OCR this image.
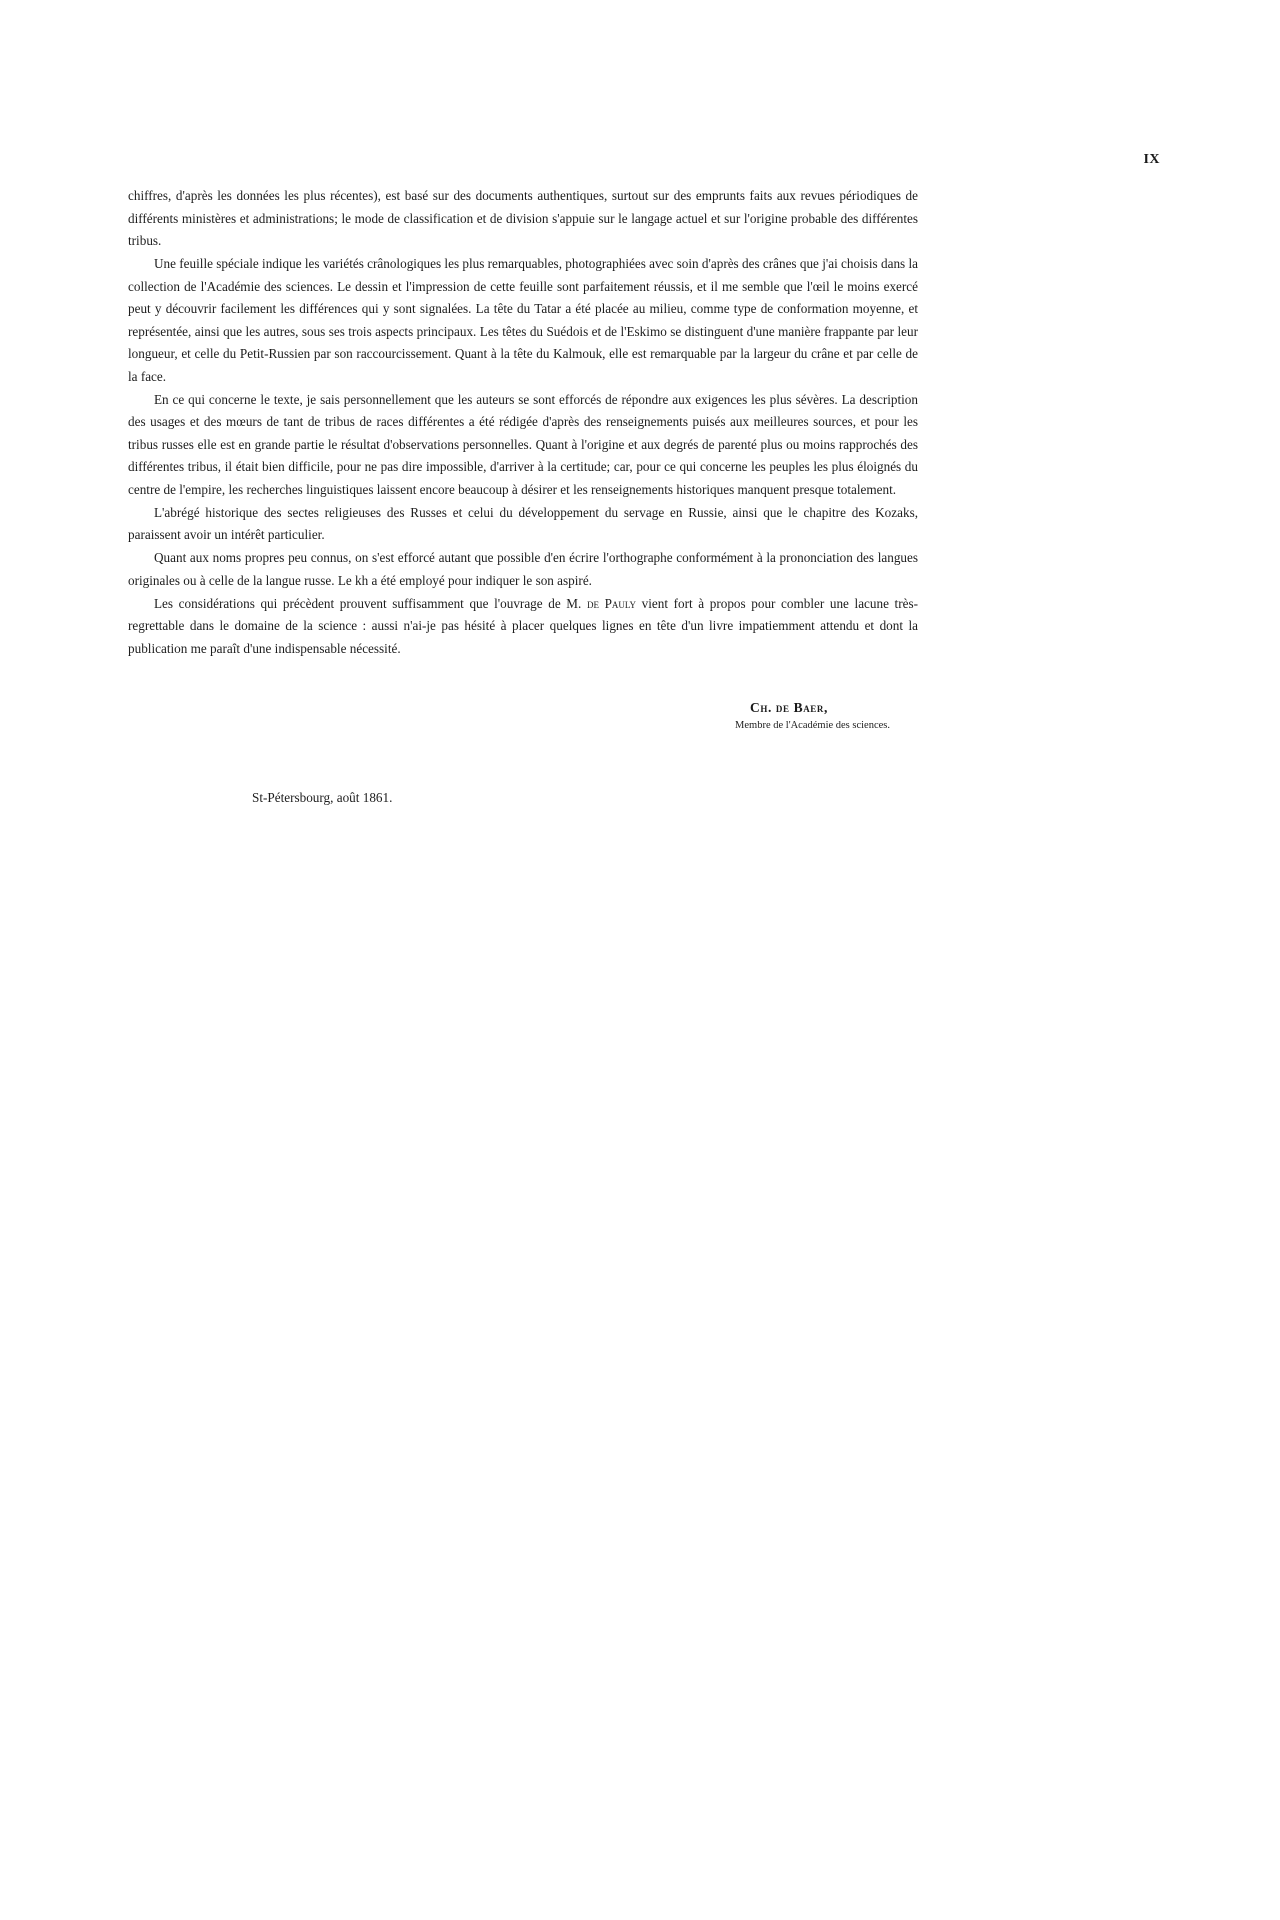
IX

chiffres, d'après les données les plus récentes), est basé sur des documents authentiques, surtout sur des emprunts faits aux revues périodiques de différents ministères et administrations; le mode de classification et de division s'appuie sur le langage actuel et sur l'origine probable des différentes tribus.

Une feuille spéciale indique les variétés crânologiques les plus remarquables, photographiées avec soin d'après des crânes que j'ai choisis dans la collection de l'Académie des sciences. Le dessin et l'impression de cette feuille sont parfaitement réussis, et il me semble que l'œil le moins exercé peut y découvrir facilement les différences qui y sont signalées. La tête du Tatar a été placée au milieu, comme type de conformation moyenne, et représentée, ainsi que les autres, sous ses trois aspects principaux. Les têtes du Suédois et de l'Eskimo se distinguent d'une manière frappante par leur longueur, et celle du Petit-Russien par son raccourcissement. Quant à la tête du Kalmouk, elle est remarquable par la largeur du crâne et par celle de la face.

En ce qui concerne le texte, je sais personnellement que les auteurs se sont efforcés de répondre aux exigences les plus sévères. La description des usages et des mœurs de tant de tribus de races différentes a été rédigée d'après des renseignements puisés aux meilleures sources, et pour les tribus russes elle est en grande partie le résultat d'observations personnelles. Quant à l'origine et aux degrés de parenté plus ou moins rapprochés des différentes tribus, il était bien difficile, pour ne pas dire impossible, d'arriver à la certitude; car, pour ce qui concerne les peuples les plus éloignés du centre de l'empire, les recherches linguistiques laissent encore beaucoup à désirer et les renseignements historiques manquent presque totalement.

L'abrégé historique des sectes religieuses des Russes et celui du développement du servage en Russie, ainsi que le chapitre des Kozaks, paraissent avoir un intérêt particulier.

Quant aux noms propres peu connus, on s'est efforcé autant que possible d'en écrire l'orthographe conformément à la prononciation des langues originales ou à celle de la langue russe. Le kh a été employé pour indiquer le son aspiré.

Les considérations qui précèdent prouvent suffisamment que l'ouvrage de M. de Pauly vient fort à propos pour combler une lacune très-regrettable dans le domaine de la science : aussi n'ai-je pas hésité à placer quelques lignes en tête d'un livre impatiemment attendu et dont la publication me paraît d'une indispensable nécessité.

Ch. de Baer,

Membre de l'Académie des sciences.

St-Pétersbourg, août 1861.
